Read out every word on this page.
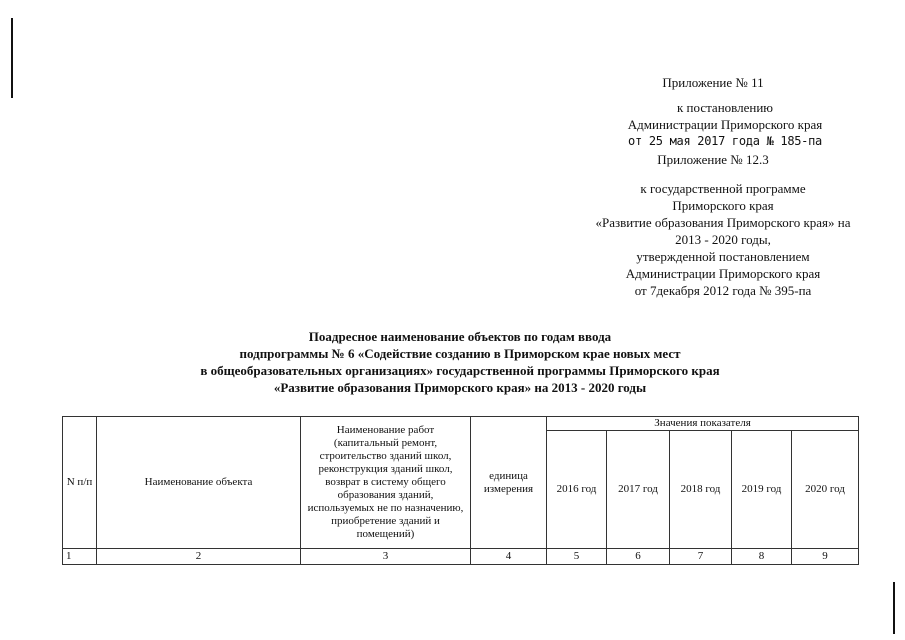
Приложение № 11
к постановлению
Администрации Приморского края
от 25 мая 2017 года № 185-па
Приложение № 12.3
к государственной программе
Приморского края
«Развитие образования Приморского края» на
2013 - 2020 годы,
утвержденной постановлением
Администрации Приморского края
от 7декабря 2012 года № 395-па
Поадресное наименование объектов по годам ввода
подпрограммы № 6 «Содействие созданию в Приморском крае новых мест
в общеобразовательных организациях» государственной программы Приморского края
«Развитие образования Приморского края» на 2013 - 2020 годы
N п/п	Наименование объекта	Наименование работ (капитальный ремонт, строительство зданий школ, реконструкция зданий школ, возврат в систему общего образования зданий, используемых не по назначению, приобретение зданий и помещений)	единица измерения	Значения показателя				
				2016 год	2017 год	2018 год	2019 год	2020 год
1	2	3	4	5	6	7	8	9
